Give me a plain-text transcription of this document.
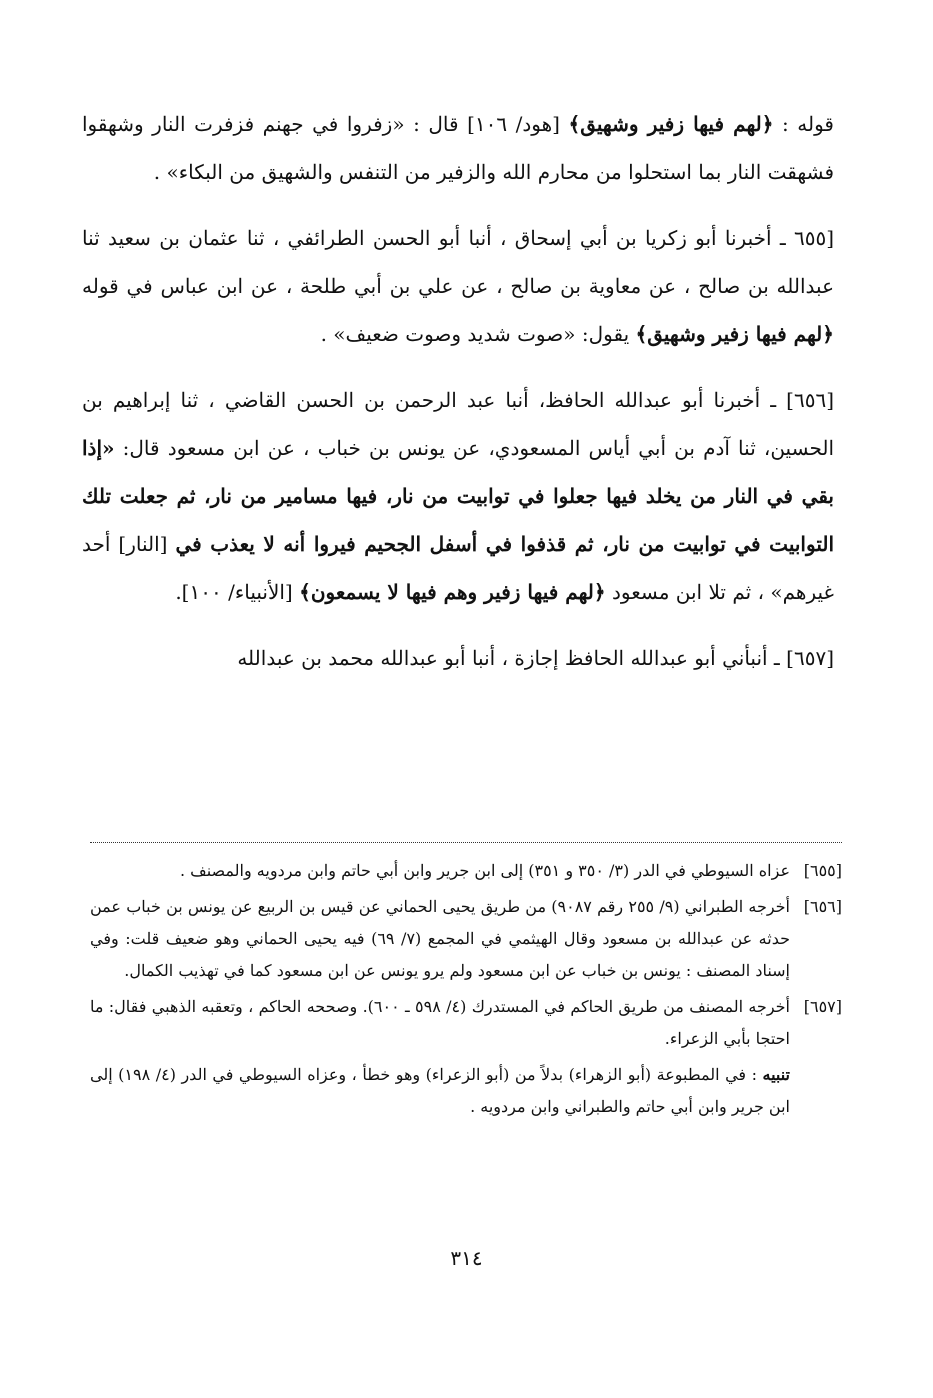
قوله : ﴿لهم فيها زفير وشهيق﴾ [هود/ ١٠٦] قال : «زفروا في جهنم فزفرت النار وشهقوا فشهقت النار بما استحلوا من محارم الله والزفير من التنفس والشهيق من البكاء» .

[٦٥٥ ـ أخبرنا أبو زكريا بن أبي إسحاق ، أنبا أبو الحسن الطرائفي ، ثنا عثمان بن سعيد ثنا عبدالله بن صالح ، عن معاوية بن صالح ، عن علي بن أبي طلحة ، عن ابن عباس في قوله ﴿لهم فيها زفير وشهيق﴾ يقول: «صوت شديد وصوت ضعيف» .

[٦٥٦] ـ أخبرنا أبو عبدالله الحافظ، أنبا عبد الرحمن بن الحسن القاضي ، ثنا إبراهيم بن الحسين، ثنا آدم بن أبي أياس المسعودي، عن يونس بن خباب ، عن ابن مسعود قال: «إذا بقي في النار من يخلد فيها جعلوا في توابيت من نار، فيها مسامير من نار، ثم جعلت تلك التوابيت في توابيت من نار، ثم قذفوا في أسفل الجحيم فيروا أنه لا يعذب في [النار] أحد غيرهم» ، ثم تلا ابن مسعود ﴿لهم فيها زفير وهم فيها لا يسمعون﴾ [الأنبياء/ ١٠٠].

[٦٥٧] ـ أنبأني أبو عبدالله الحافظ إجازة ، أنبا أبو عبدالله محمد بن عبدالله

[٦٥٥]
عزاه السيوطي في الدر (٣/ ٣٥٠ و ٣٥١) إلى ابن جرير وابن أبي حاتم وابن مردويه والمصنف .

[٦٥٦]
أخرجه الطبراني (٩/ ٢٥٥ رقم ٩٠٨٧) من طريق يحيى الحماني عن قيس بن الربيع عن يونس بن خباب عمن حدثه عن عبدالله بن مسعود وقال الهيثمي في المجمع (٧/ ٦٩) فيه يحيى الحماني وهو ضعيف قلت: وفي إسناد المصنف : يونس بن خباب عن ابن مسعود ولم يرو يونس عن ابن مسعود كما في تهذيب الكمال.

[٦٥٧]
أخرجه المصنف من طريق الحاكم في المستدرك (٤/ ٥٩٨ ـ ٦٠٠). وصححه الحاكم ، وتعقبه الذهبي فقال: ما احتجا بأبي الزعراء.

تنبيه : في المطبوعة (أبو الزهراء) بدلاً من (أبو الزعراء) وهو خطأ ، وعزاه السيوطي في الدر (٤/ ١٩٨) إلى ابن جرير وابن أبي حاتم والطبراني وابن مردويه .

٣١٤
